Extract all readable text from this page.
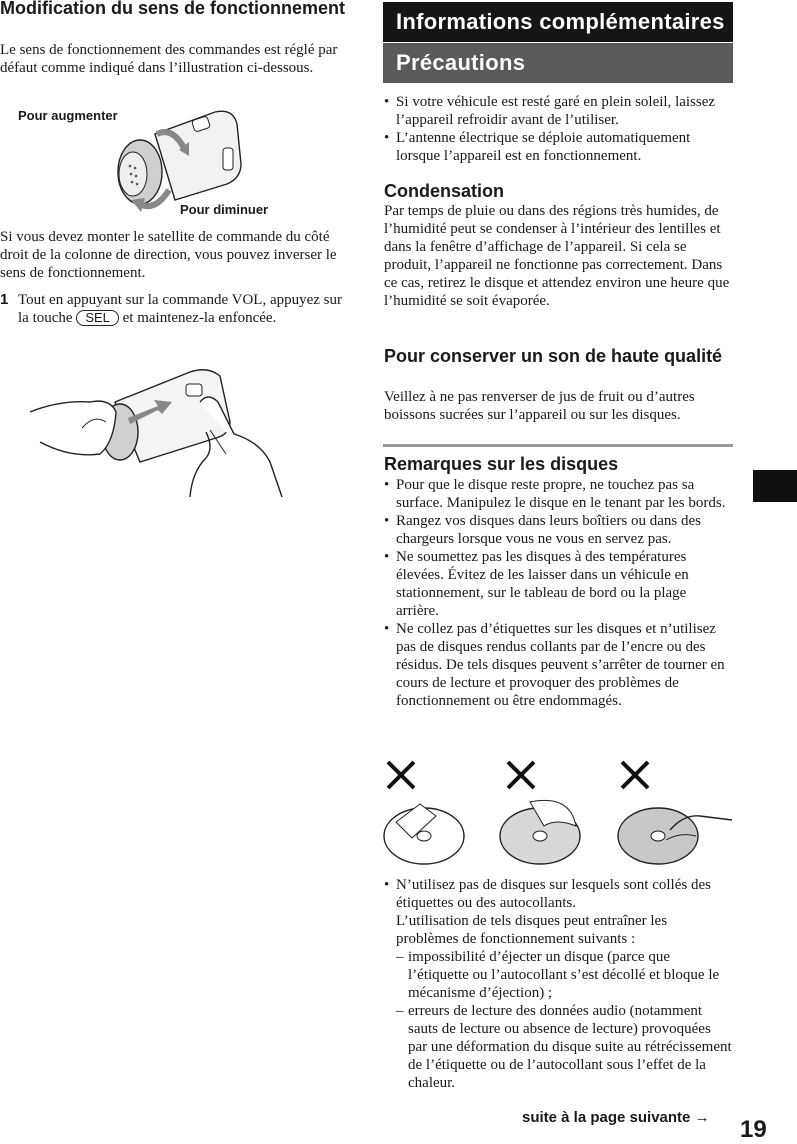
Modification du sens de fonctionnement

Le sens de fonctionnement des commandes est réglé par défaut comme indiqué dans l’illustration ci-dessous.

Pour augmenter
Pour diminuer

Si vous devez monter le satellite de commande du côté droit de la colonne de direction, vous pouvez inverser le sens de fonctionnement.

1 Tout en appuyant sur la commande VOL, appuyez sur la touche SEL et maintenez-la enfoncée.

Informations complémentaires
Précautions
• Si votre véhicule est resté garé en plein soleil, laissez l’appareil refroidir avant de l’utiliser.
• L’antenne électrique se déploie automatiquement lorsque l’appareil est en fonctionnement.
Condensation

Par temps de pluie ou dans des régions très humides, de l’humidité peut se condenser à l’intérieur des lentilles et dans la fenêtre d’affichage de l’appareil. Si cela se produit, l’appareil ne fonctionne pas correctement. Dans ce cas, retirez le disque et attendez environ une heure que l’humidité se soit évaporée.

Pour conserver un son de haute qualité

Veillez à ne pas renverser de jus de fruit ou d’autres boissons sucrées sur l’appareil ou sur les disques.

Remarques sur les disques
• Pour que le disque reste propre, ne touchez pas sa surface. Manipulez le disque en le tenant par les bords.
• Rangez vos disques dans leurs boîtiers ou dans des chargeurs lorsque vous ne vous en servez pas.
• Ne soumettez pas les disques à des températures élevées. Évitez de les laisser dans un véhicule en stationnement, sur le tableau de bord ou la plage arrière.
• Ne collez pas d’étiquettes sur les disques et n’utilisez pas de disques rendus collants par de l’encre ou des résidus. De tels disques peuvent s’arrêter de tourner en cours de lecture et provoquer des problèmes de fonctionnement ou être endommagés.
• N’utilisez pas de disques sur lesquels sont collés des étiquettes ou des autocollants.
L’utilisation de tels disques peut entraîner les problèmes de fonctionnement suivants :
– impossibilité d’éjecter un disque (parce que l’étiquette ou l’autocollant s’est décollé et bloque le mécanisme d’éjection) ;
– erreurs de lecture des données audio (notamment sauts de lecture ou absence de lecture) provoquées par une déformation du disque suite au rétrécissement de l’étiquette ou de l’autocollant sous l’effet de la chaleur.
suite à la page suivante → 19
